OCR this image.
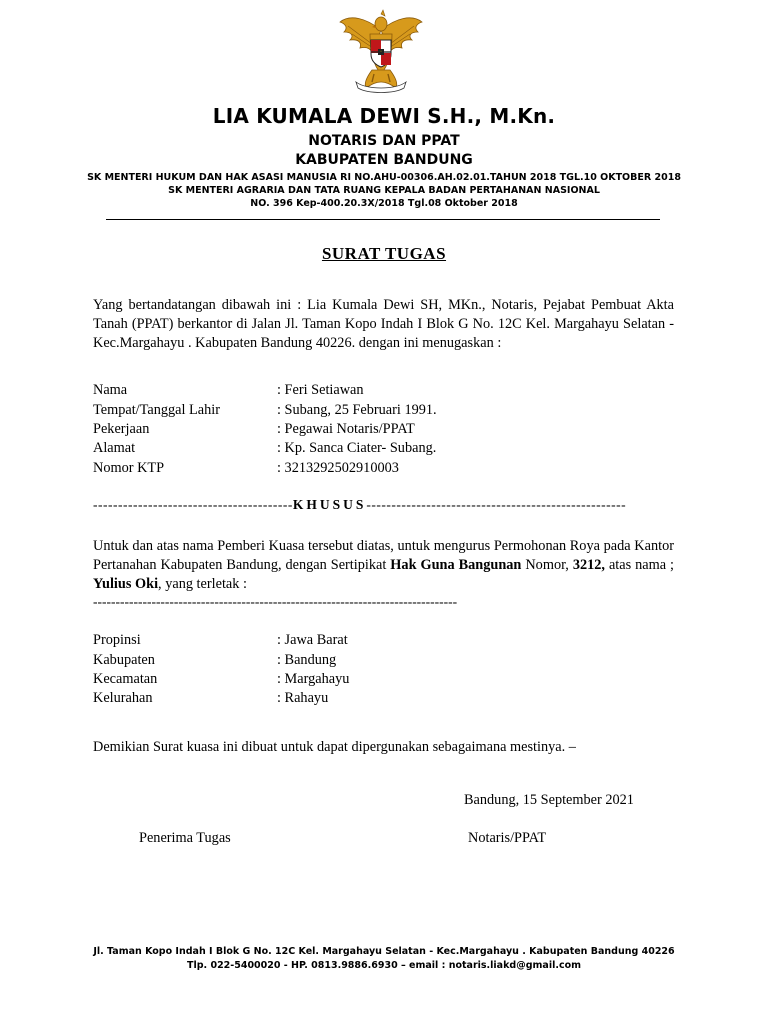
LIA KUMALA DEWI S.H., M.Kn.
NOTARIS DAN PPAT
KABUPATEN BANDUNG
SK MENTERI HUKUM DAN HAK ASASI MANUSIA RI NO.AHU-00306.AH.02.01.TAHUN 2018 TGL.10 OKTOBER 2018
SK MENTERI AGRARIA DAN TATA RUANG KEPALA BADAN PERTAHANAN NASIONAL
NO. 396 Kep-400.20.3X/2018 Tgl.08 Oktober 2018
SURAT TUGAS
Yang bertandatangan dibawah ini : Lia Kumala Dewi SH, MKn., Notaris, Pejabat Pembuat Akta Tanah (PPAT) berkantor di Jalan Jl. Taman Kopo Indah I Blok G No. 12C Kel. Margahayu Selatan - Kec.Margahayu . Kabupaten Bandung 40226. dengan ini menugaskan :
Nama	: Feri Setiawan
Tempat/Tanggal Lahir	: Subang, 25 Februari 1991.
Pekerjaan	: Pegawai Notaris/PPAT
Alamat	: Kp. Sanca Ciater- Subang.
Nomor KTP	: 3213292502910003
----------------------------------------KHUSUS----------------------------------------------------
Untuk dan atas nama Pemberi Kuasa tersebut diatas, untuk mengurus Permohonan Roya pada Kantor Pertanahan Kabupaten Bandung, dengan Sertipikat Hak Guna Bangunan Nomor, 3212, atas nama ; Yulius Oki, yang terletak :
---------------------------------------------------------------------------------
Propinsi	: Jawa Barat
Kabupaten	: Bandung
Kecamatan	: Margahayu
Kelurahan	: Rahayu
Demikian Surat kuasa ini dibuat untuk dapat dipergunakan sebagaimana mestinya. –
Bandung, 15 September 2021
Penerima Tugas	Notaris/PPAT
Jl. Taman Kopo Indah I Blok G No. 12C Kel. Margahayu Selatan - Kec.Margahayu . Kabupaten Bandung 40226
Tlp. 022-5400020 - HP. 0813.9886.6930 – email : notaris.liakd@gmail.com
